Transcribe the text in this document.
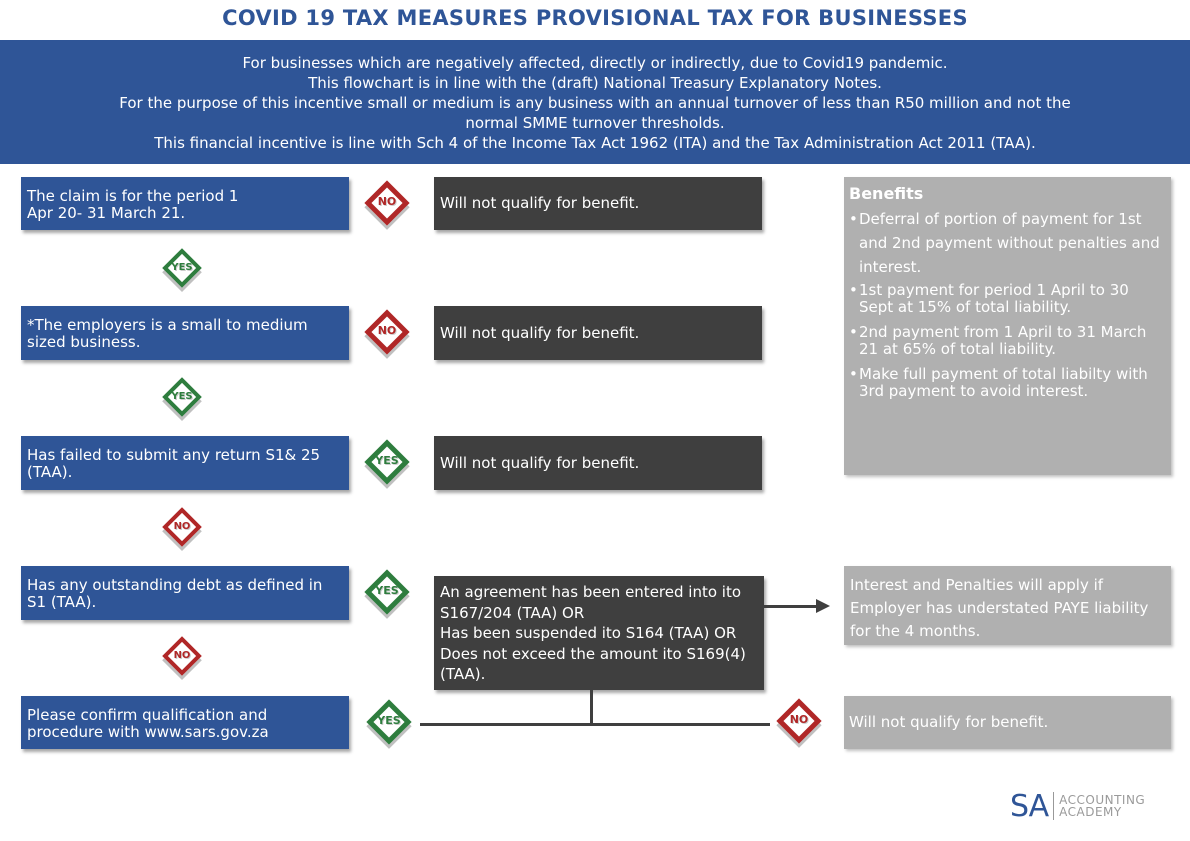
COVID 19 TAX MEASURES PROVISIONAL TAX FOR BUSINESSES
For businesses which are negatively affected, directly or indirectly, due to Covid19 pandemic.
This flowchart is in line with the (draft) National Treasury Explanatory Notes.
For the purpose of this incentive small or medium is any business with an annual turnover of less than R50 million and not the
normal SMME turnover thresholds.
This financial incentive is line with Sch 4 of the Income Tax Act 1962 (ITA) and the Tax Administration Act 2011 (TAA).
The claim is for the period 1 Apr 20- 31 March 21.
NO	Will not qualify for benefit.
YES
*The employers is a small to medium sized business.
NO	Will not qualify for benefit.
YES
Has failed to submit any return S1& 25 (TAA).
YES	Will not qualify for benefit.
NO
Has any outstanding debt as defined in S1 (TAA).
YES	An agreement has been entered into ito S167/204 (TAA) OR
Has been suspended ito S164 (TAA) OR
Does not exceed the amount ito S169(4) (TAA).
Interest and Penalties will apply if Employer has understated PAYE liability for the 4 months.
NO
Please confirm qualification and procedure with www.sars.gov.za
YES	NO	Will not qualify for benefit.
Benefits
• Deferral of portion of payment for 1st and 2nd payment without penalties and interest.
• 1st payment for period 1 April to 30 Sept at 15% of total liability.
• 2nd payment from 1 April to 31 March 21 at 65% of total liability.
• Make full payment of total liabilty with 3rd payment to avoid interest.
SA ACCOUNTING
ACADEMY
